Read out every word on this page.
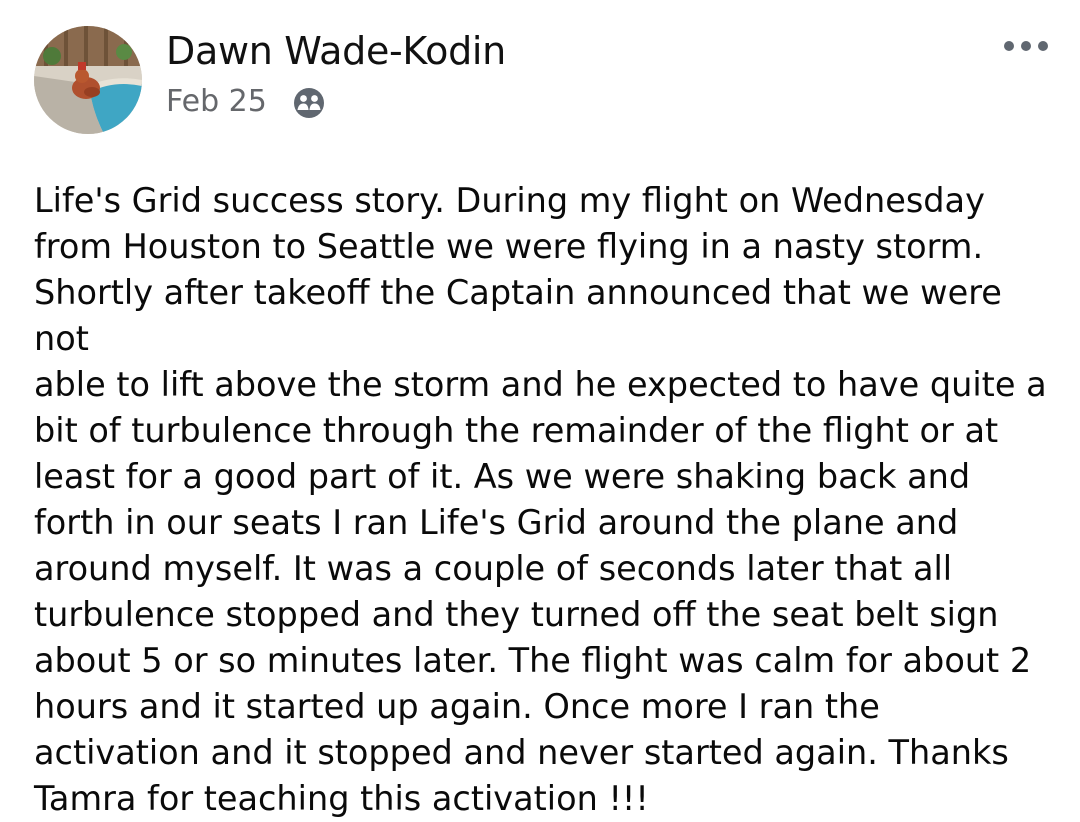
Dawn Wade-Kodin
Feb 25

Life's Grid success story. During my flight on Wednesday
from Houston to Seattle we were flying in a nasty storm.
Shortly after takeoff the Captain announced that we were not
able to lift above the storm and he expected to have quite a
bit of turbulence through the remainder of the flight or at
least for a good part of it. As we were shaking back and
forth in our seats I ran Life's Grid around the plane and
around myself. It was a couple of seconds later that all
turbulence stopped and they turned off the seat belt sign
about 5 or so minutes later. The flight was calm for about 2
hours and it started up again. Once more I ran the
activation and it stopped and never started again. Thanks
Tamra for teaching this activation !!!
